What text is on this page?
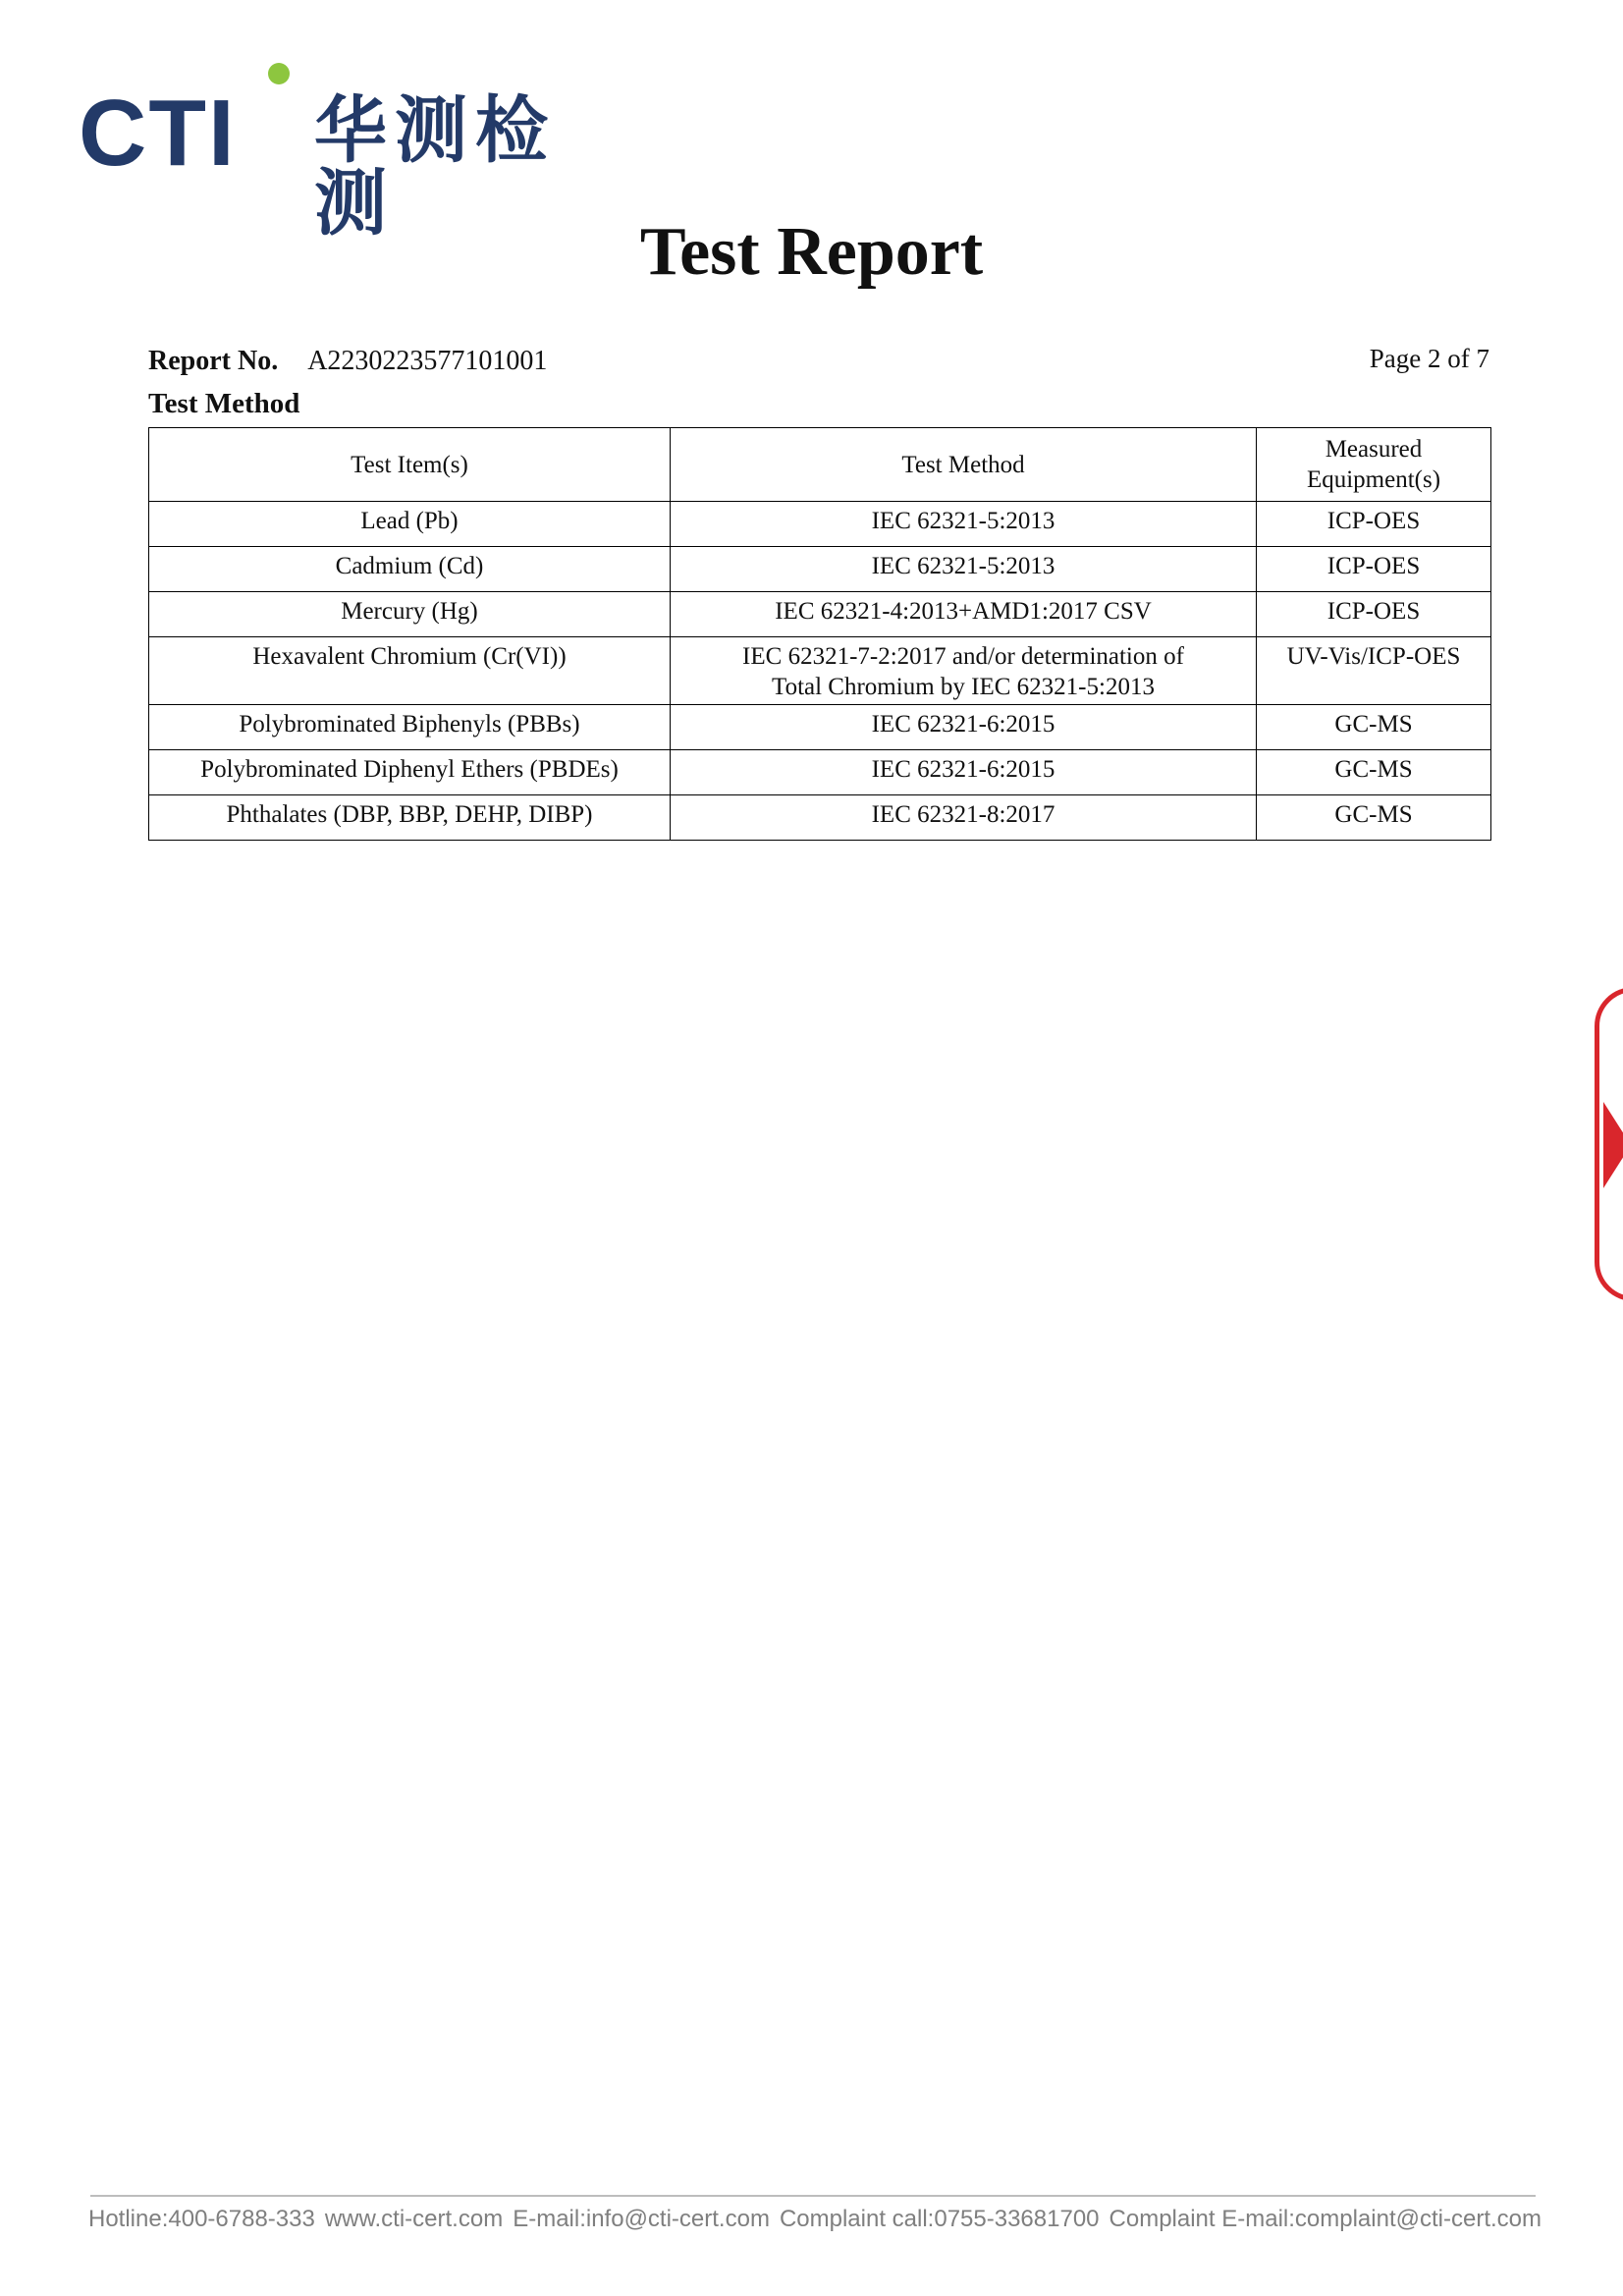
CTI 华测检测
Test Report
Report No. A2230223577101001	Page 2 of 7
Test Method
Test Item(s)	Test Method	Measured Equipment(s)
Lead (Pb)	IEC 62321-5:2013	ICP-OES
Cadmium (Cd)	IEC 62321-5:2013	ICP-OES
Mercury (Hg)	IEC 62321-4:2013+AMD1:2017 CSV	ICP-OES
Hexavalent Chromium (Cr(VI))	IEC 62321-7-2:2017 and/or determination of Total Chromium by IEC 62321-5:2013	UV-Vis/ICP-OES
Polybrominated Biphenyls (PBBs)	IEC 62321-6:2015	GC-MS
Polybrominated Diphenyl Ethers (PBDEs)	IEC 62321-6:2015	GC-MS
Phthalates (DBP, BBP, DEHP, DIBP)	IEC 62321-8:2017	GC-MS
Hotline:400-6788-333 www.cti-cert.com E-mail:info@cti-cert.com Complaint call:0755-33681700 Complaint E-mail:complaint@cti-cert.com
